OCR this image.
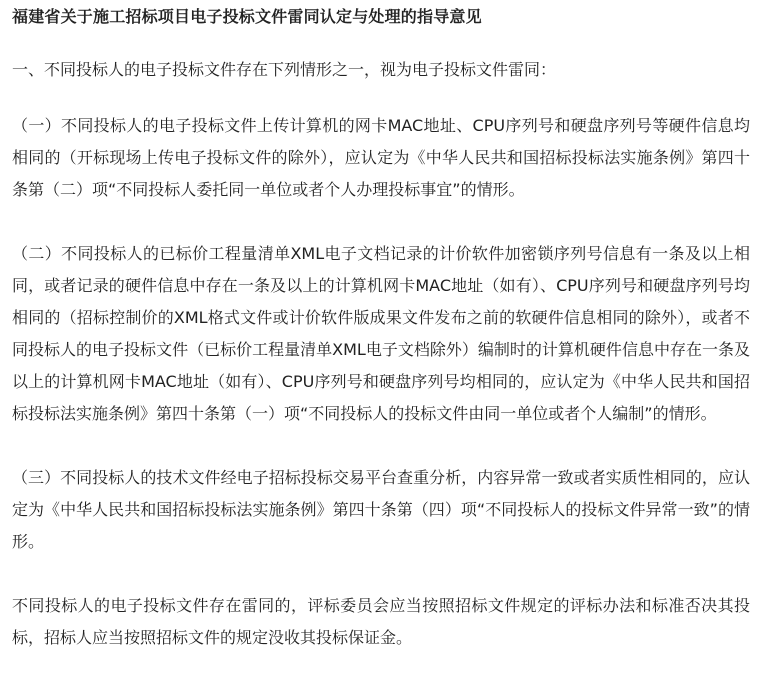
福建省关于施工招标项目电子投标文件雷同认定与处理的指导意见

一、不同投标人的电子投标文件存在下列情形之一，视为电子投标文件雷同：

（一）不同投标人的电子投标文件上传计算机的网卡MAC地址、CPU序列号和硬盘序列号等硬件信息均相同的（开标现场上传电子投标文件的除外），应认定为《中华人民共和国招标投标法实施条例》第四十条第（二）项“不同投标人委托同一单位或者个人办理投标事宜”的情形。

（二）不同投标人的已标价工程量清单XML电子文档记录的计价软件加密锁序列号信息有一条及以上相同，或者记录的硬件信息中存在一条及以上的计算机网卡MAC地址（如有）、CPU序列号和硬盘序列号均相同的（招标控制价的XML格式文件或计价软件版成果文件发布之前的软硬件信息相同的除外），或者不同投标人的电子投标文件（已标价工程量清单XML电子文档除外）编制时的计算机硬件信息中存在一条及以上的计算机网卡MAC地址（如有）、CPU序列号和硬盘序列号均相同的，应认定为《中华人民共和国招标投标法实施条例》第四十条第（一）项“不同投标人的投标文件由同一单位或者个人编制”的情形。

（三）不同投标人的技术文件经电子招标投标交易平台查重分析，内容异常一致或者实质性相同的，应认定为《中华人民共和国招标投标法实施条例》第四十条第（四）项“不同投标人的投标文件异常一致”的情形。

不同投标人的电子投标文件存在雷同的，评标委员会应当按照招标文件规定的评标办法和标准否决其投标，招标人应当按照招标文件的规定没收其投标保证金。
